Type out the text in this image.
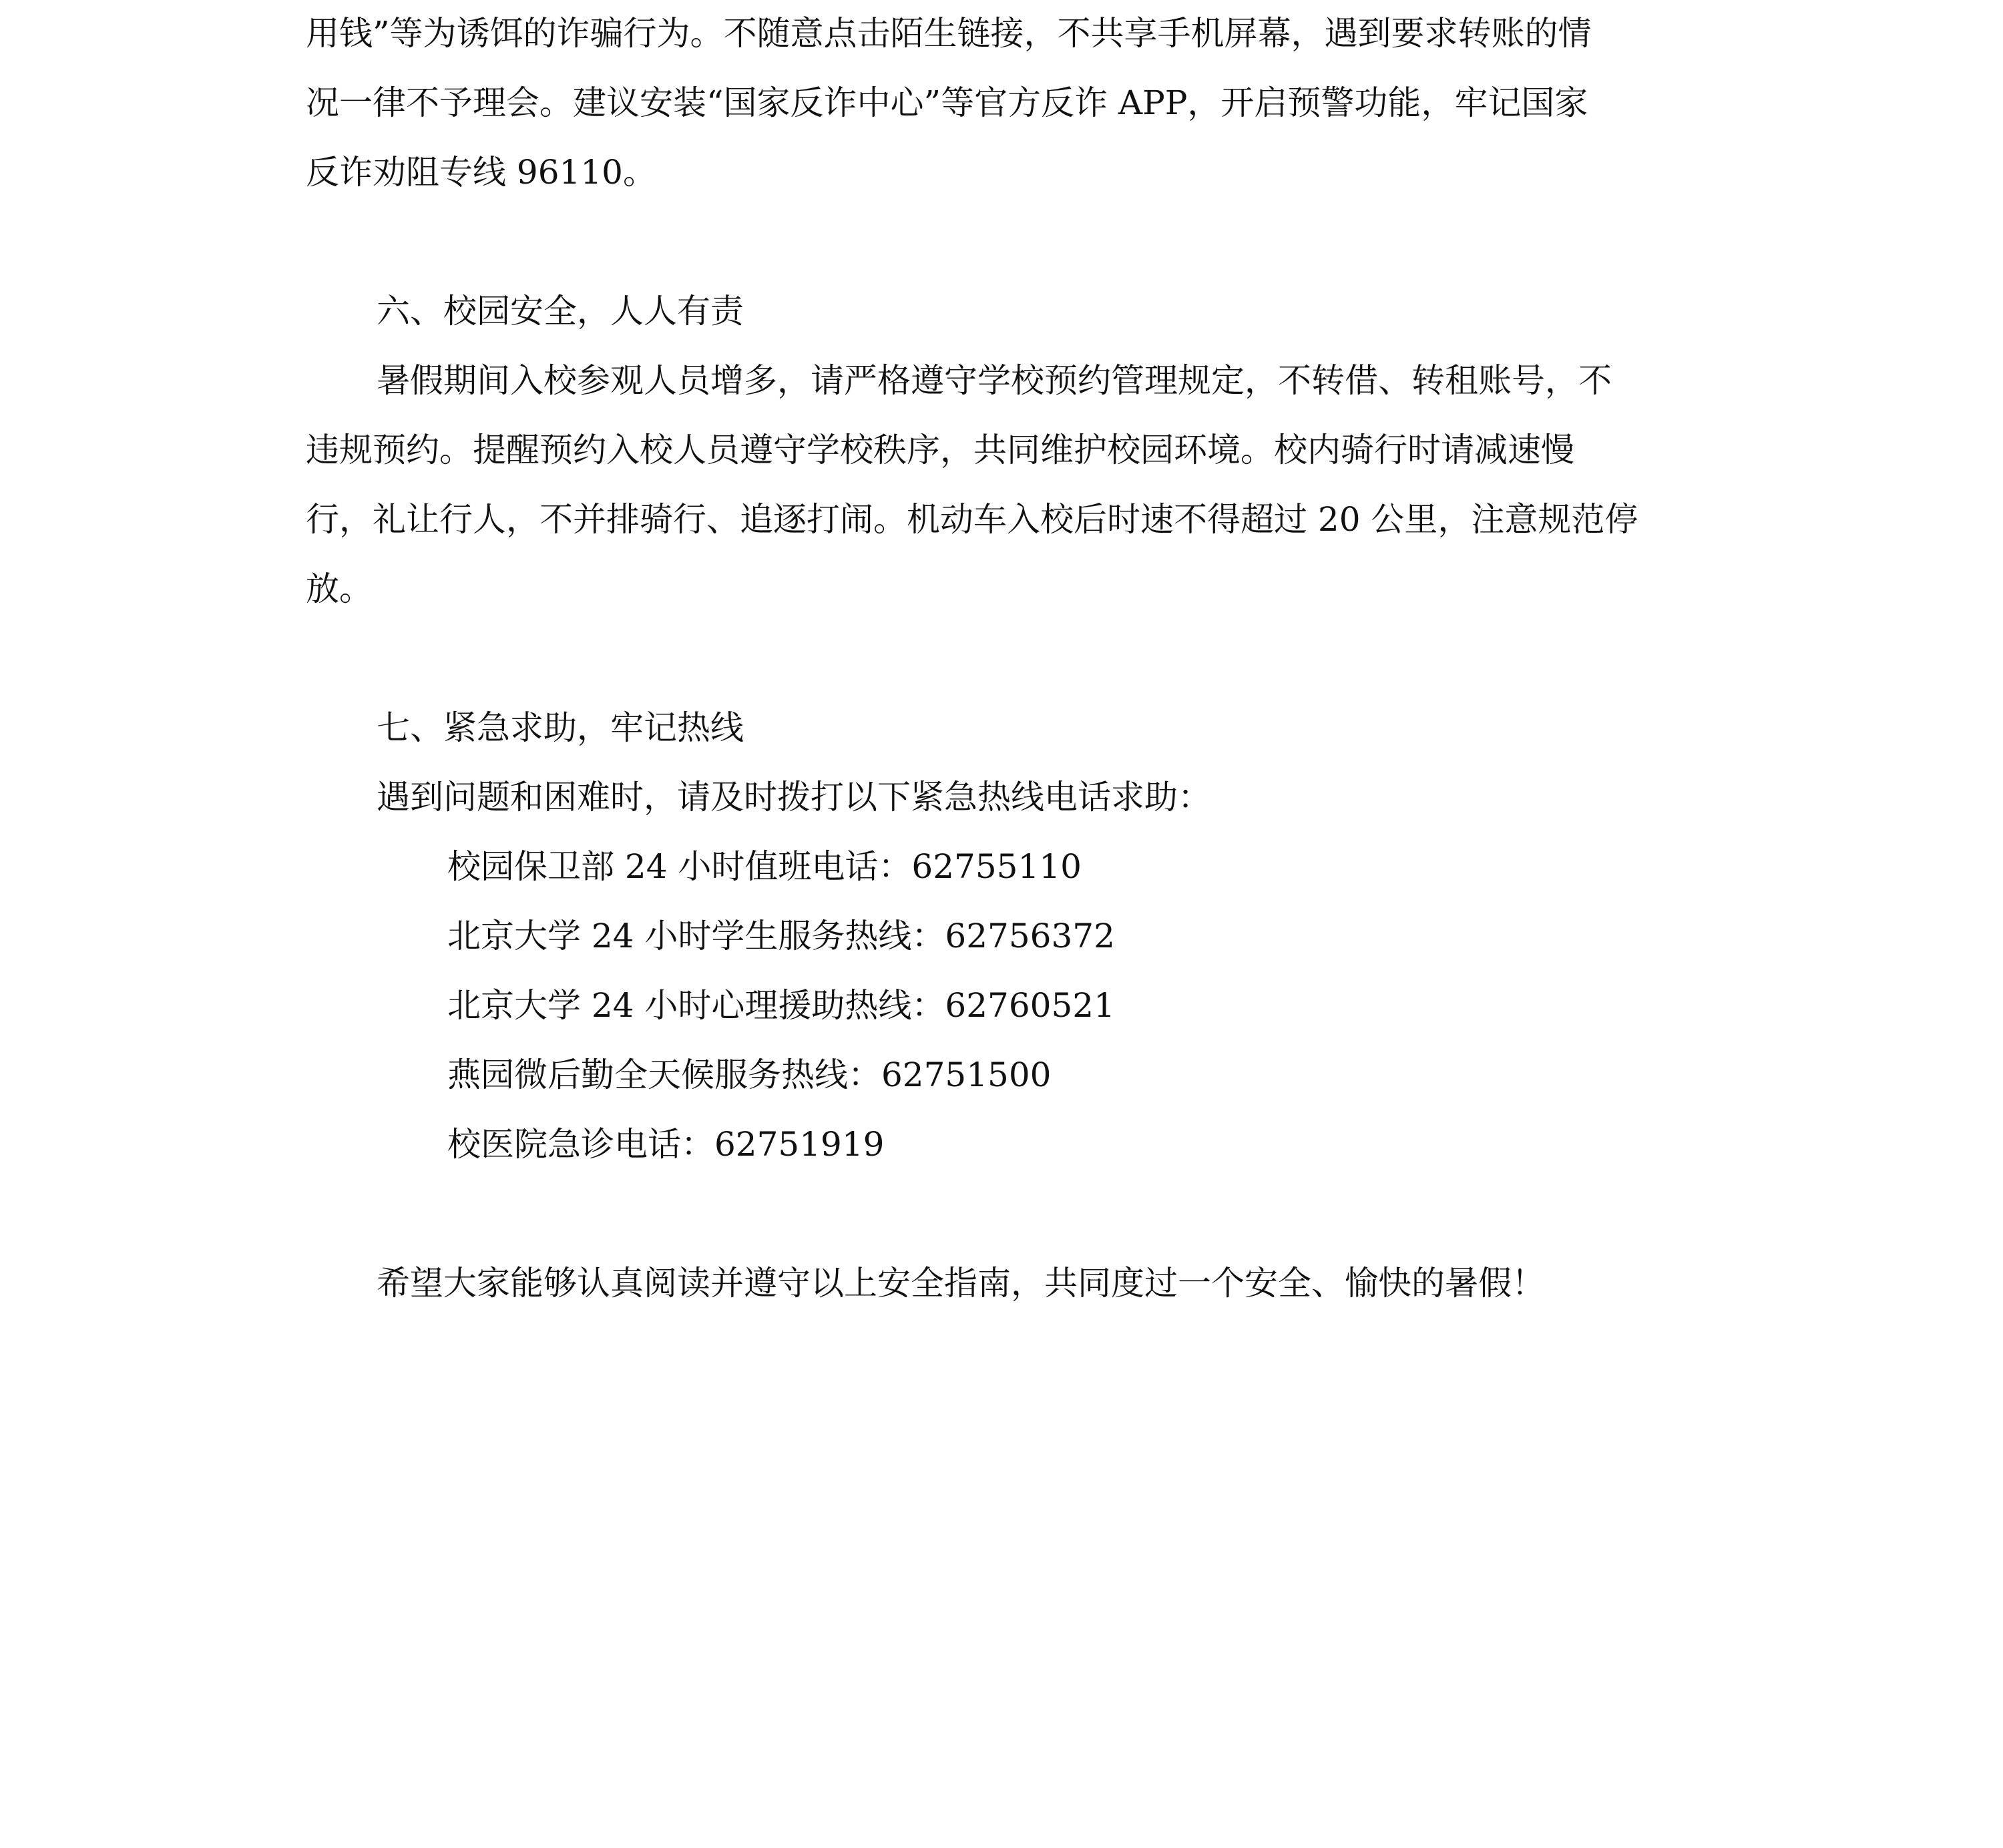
用钱”等为诱饵的诈骗行为。不随意点击陌生链接，不共享手机屏幕，遇到要求转账的情
况一律不予理会。建议安装“国家反诈中心”等官方反诈 APP，开启预警功能，牢记国家
反诈劝阻专线 96110。
六、校园安全，人人有责
暑假期间入校参观人员增多，请严格遵守学校预约管理规定，不转借、转租账号，不
违规预约。提醒预约入校人员遵守学校秩序，共同维护校园环境。校内骑行时请减速慢
行，礼让行人，不并排骑行、追逐打闹。机动车入校后时速不得超过 20 公里，注意规范停
放。
七、紧急求助，牢记热线
遇到问题和困难时，请及时拨打以下紧急热线电话求助：
校园保卫部 24 小时值班电话：62755110
北京大学 24 小时学生服务热线：62756372
北京大学 24 小时心理援助热线：62760521
燕园微后勤全天候服务热线：62751500
校医院急诊电话：62751919
希望大家能够认真阅读并遵守以上安全指南，共同度过一个安全、愉快的暑假！
